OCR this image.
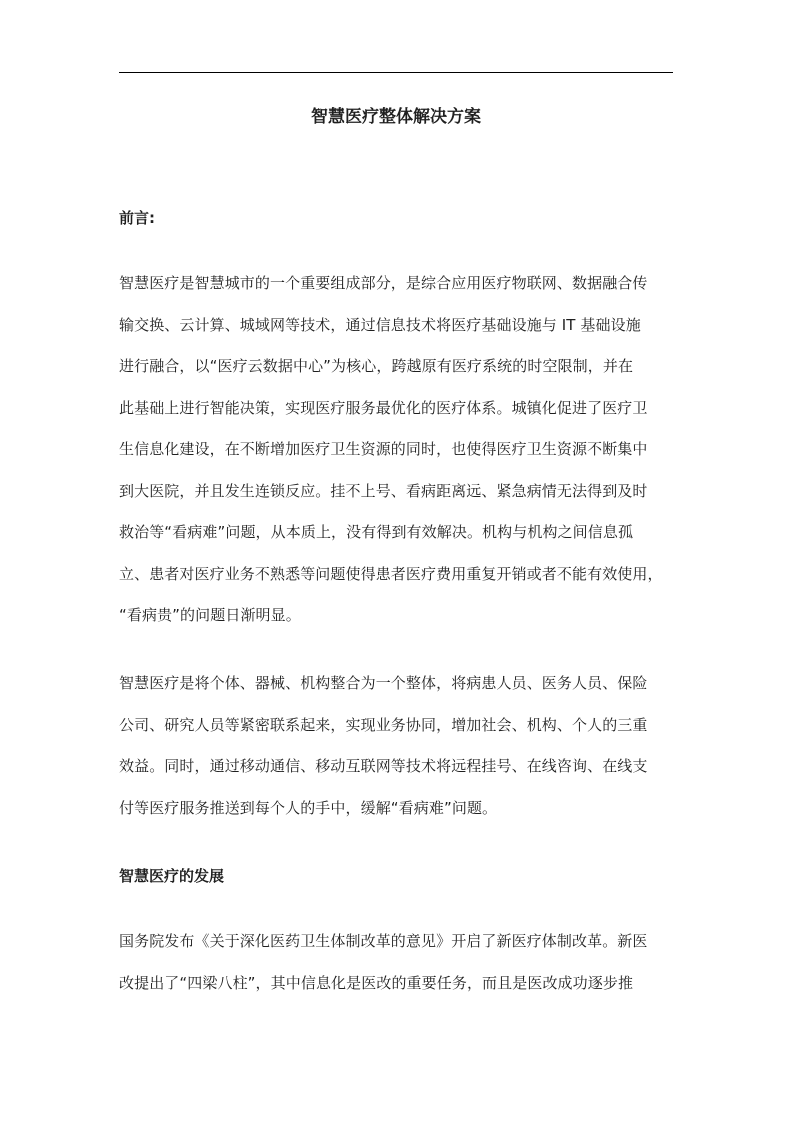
智慧医疗整体解决方案
前言:

智慧医疗是智慧城市的一个重要组成部分，是综合应用医疗物联网、数据融合传
输交换、云计算、城域网等技术，通过信息技术将医疗基础设施与 IT 基础设施
进行融合，以“医疗云数据中心”为核心，跨越原有医疗系统的时空限制，并在
此基础上进行智能决策，实现医疗服务最优化的医疗体系。城镇化促进了医疗卫
生信息化建设，在不断增加医疗卫生资源的同时，也使得医疗卫生资源不断集中
到大医院，并且发生连锁反应。挂不上号、看病距离远、紧急病情无法得到及时
救治等“看病难”问题，从本质上，没有得到有效解决。机构与机构之间信息孤
立、患者对医疗业务不熟悉等问题使得患者医疗费用重复开销或者不能有效使用，
“看病贵”的问题日渐明显。

智慧医疗是将个体、器械、机构整合为一个整体，将病患人员、医务人员、保险
公司、研究人员等紧密联系起来，实现业务协同，增加社会、机构、个人的三重
效益。同时，通过移动通信、移动互联网等技术将远程挂号、在线咨询、在线支
付等医疗服务推送到每个人的手中，缓解“看病难”问题。

智慧医疗的发展

国务院发布《关于深化医药卫生体制改革的意见》开启了新医疗体制改革。新医
改提出了“四梁八柱”，其中信息化是医改的重要任务，而且是医改成功逐步推
